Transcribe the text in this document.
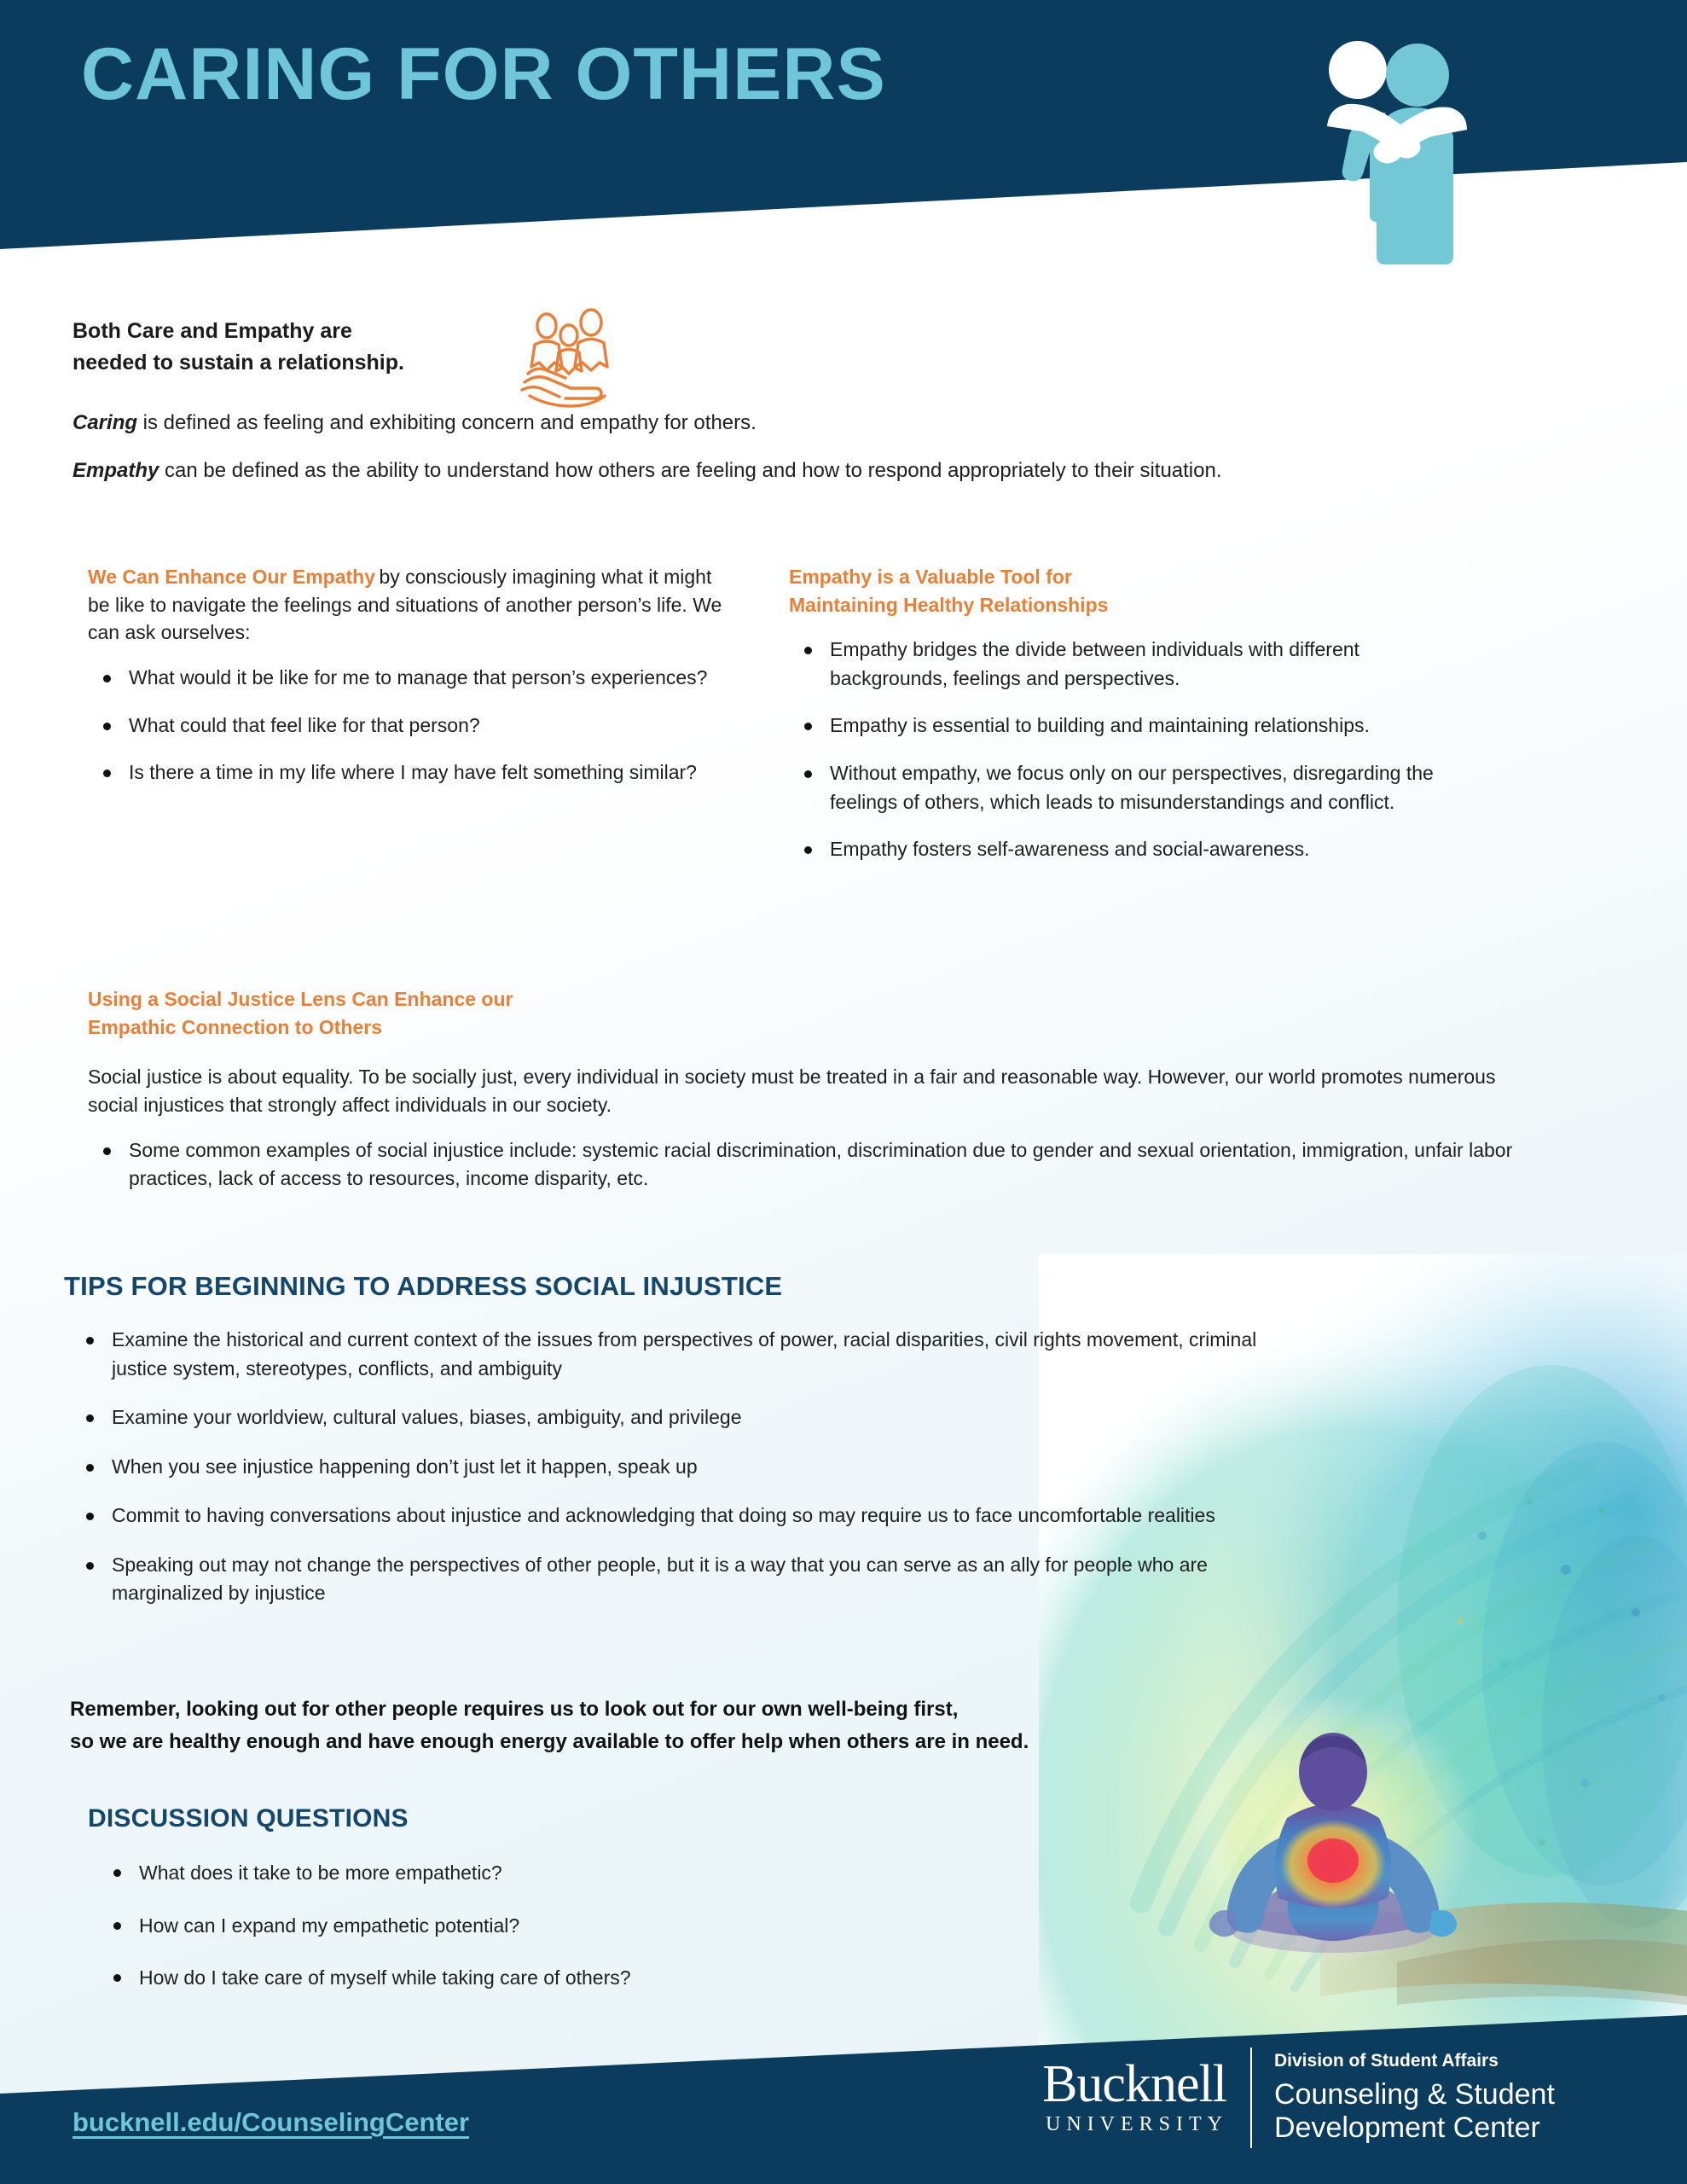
CARING FOR OTHERS
Both Care and Empathy are
needed to sustain a relationship.
Caring is defined as feeling and exhibiting concern and empathy for others.
Empathy can be defined as the ability to understand how others are feeling and how to respond appropriately to their situation.
We Can Enhance Our Empathy by consciously imagining what it might be like to navigate the feelings and situations of another person’s life. We can ask ourselves:
What would it be like for me to manage that person’s experiences?
What could that feel like for that person?
Is there a time in my life where I may have felt something similar?
Empathy is a Valuable Tool for
Maintaining Healthy Relationships
Empathy bridges the divide between individuals with different backgrounds, feelings and perspectives.
Empathy is essential to building and maintaining relationships.
Without empathy, we focus only on our perspectives, disregarding the feelings of others, which leads to misunderstandings and conflict.
Empathy fosters self-awareness and social-awareness.
Using a Social Justice Lens Can Enhance our
Empathic Connection to Others

Social justice is about equality. To be socially just, every individual in society must be treated in a fair and reasonable way. However, our world promotes numerous social injustices that strongly affect individuals in our society.

Some common examples of social injustice include: systemic racial discrimination, discrimination due to gender and sexual orientation, immigration, unfair labor practices, lack of access to resources, income disparity, etc.
TIPS FOR BEGINNING TO ADDRESS SOCIAL INJUSTICE
Examine the historical and current context of the issues from perspectives of power, racial disparities, civil rights movement, criminal justice system, stereotypes, conflicts, and ambiguity
Examine your worldview, cultural values, biases, ambiguity, and privilege
When you see injustice happening don’t just let it happen, speak up
Commit to having conversations about injustice and acknowledging that doing so may require us to face uncomfortable realities
Speaking out may not change the perspectives of other people, but it is a way that you can serve as an ally for people who are marginalized by injustice
Remember, looking out for other people requires us to look out for our own well-being first,
so we are healthy enough and have enough energy available to offer help when others are in need.
DISCUSSION QUESTIONS
What does it take to be more empathetic?
How can I expand my empathetic potential?
How do I take care of myself while taking care of others?
bucknell.edu/CounselingCenter
Bucknell
UNIVERSITY
Division of Student Affairs
Counseling & Student
Development Center
